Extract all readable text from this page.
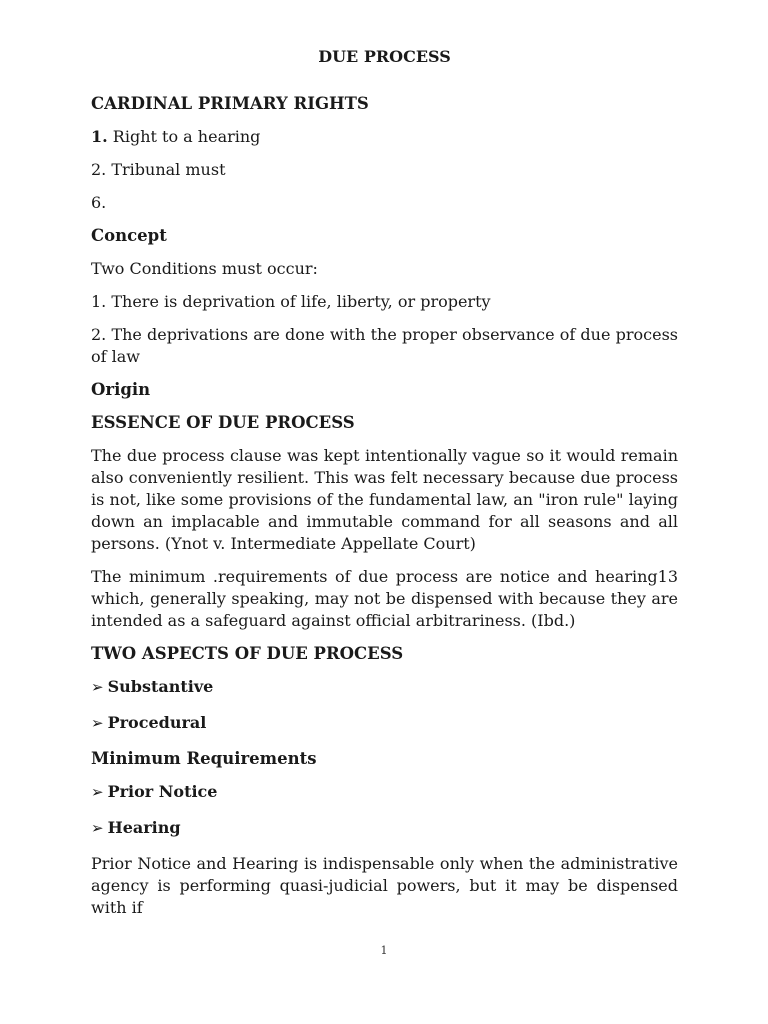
DUE PROCESS
CARDINAL PRIMARY RIGHTS

1. Right to a hearing

2. Tribunal must

6.

Concept

Two Conditions must occur:

1. There is deprivation of life, liberty, or property

2. The deprivations are done with the proper observance of due process of law

Origin
ESSENCE OF DUE PROCESS

The due process clause was kept intentionally vague so it would remain also conveniently resilient. This was felt necessary because due process is not, like some provisions of the fundamental law, an "iron rule" laying down an implacable and immutable command for all seasons and all persons. (Ynot v. Intermediate Appellate Court)

The minimum .requirements of due process are notice and hearing13 which, generally speaking, may not be dispensed with because they are intended as a safeguard against official arbitrariness. (Ibd.)

TWO ASPECTS OF DUE PROCESS
➢ Substantive
➢ Procedural
Minimum Requirements
➢ Prior Notice
➢ Hearing

Prior Notice and Hearing is indispensable only when the administrative agency is performing quasi-judicial powers, but it may be dispensed with if

1
